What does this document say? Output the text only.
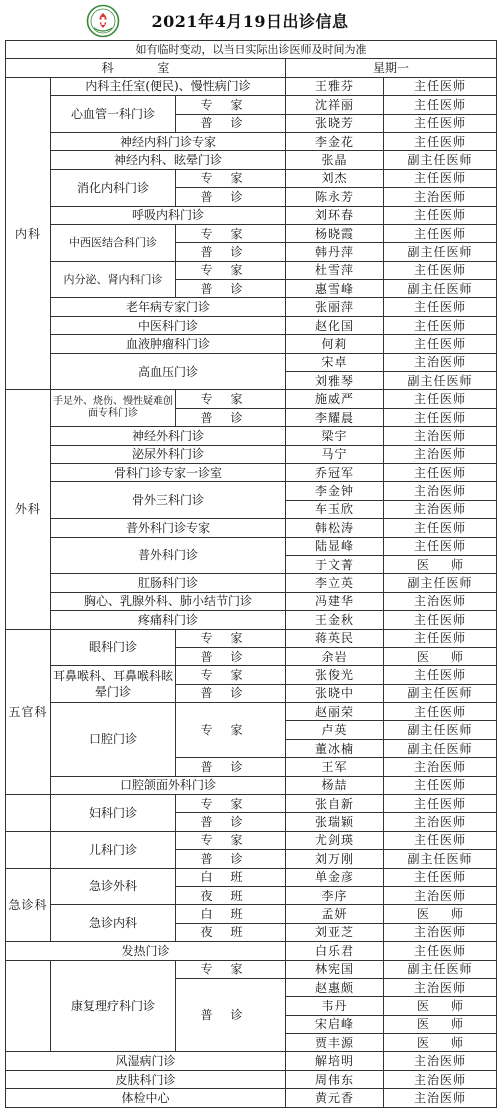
2021年4月19日出诊信息
如有临时变动，以当日实际出诊医师及时间为准				
科 室			星期一	
内科	内科主任室(便民)、慢性病门诊		王雅芬	主任医师
	心血管一科门诊	专家	沈祥丽	主任医师
		普诊	张晓芳	主任医师
	神经内科门诊专家		李金花	主任医师
	神经内科、眩晕门诊		张晶	副主任医师
	消化内科门诊	专家	刘杰	主任医师
		普诊	陈永芳	主治医师
	呼吸内科门诊		刘环春	主任医师
	中西医结合科门诊	专家	杨晓霞	主任医师
		普诊	韩丹萍	副主任医师
	内分泌、肾内科门诊	专家	杜雪萍	主任医师
		普诊	惠雪峰	副主任医师
	老年病专家门诊		张丽萍	主任医师
	中医科门诊		赵化国	主任医师
	血液肿瘤科门诊		何莉	主任医师
	高血压门诊		宋卓	主治医师
			刘雅琴	副主任医师
外科	手足外、烧伤、慢性疑难创面专科门诊	专家	施威严	主任医师
		普诊	李耀晨	主任医师
	神经外科门诊		梁宇	主治医师
	泌尿外科门诊		马宁	主治医师
	骨科门诊专家一诊室		乔冠军	主任医师
	骨外三科门诊		李金钟	主治医师
			车玉欣	主治医师
	普外科门诊专家		韩松涛	主任医师
	普外科门诊		陆显峰	主任医师
			于文菁	医师
	肛肠科门诊		李立英	副主任医师
	胸心、乳腺外科、肺小结节门诊		冯建华	主治医师
	疼痛科门诊		王金秋	主任医师
五官科	眼科门诊	专家	蒋英民	主任医师
		普诊	余岩	医师
	耳鼻喉科、耳鼻喉科眩晕门诊	专家	张俊光	主任医师
		普诊	张晓中	副主任医师
	口腔门诊	专家	赵丽荣	主任医师
			卢英	副主任医师
			董冰楠	副主任医师
		普诊	王军	主治医师
	口腔颌面外科门诊		杨喆	主任医师
	妇科门诊	专家	张自新	主任医师
		普诊	张瑞颖	主治医师
	儿科门诊	专家	尤剑瑛	主任医师
		普诊	刘万刚	副主任医师
急诊科	急诊外科	白班	单金彦	主任医师
		夜班	李序	主治医师
	急诊内科	白班	孟妍	医师
		夜班	刘亚芝	主治医师
发热门诊			白乐君	主任医师
	康复理疗科门诊	专家	林宪国	副主任医师
		普诊	赵惠颇	主治医师
			韦丹	医师
			宋启峰	医师
			贾丰源	医师
风湿病门诊			解培明	主治医师
皮肤科门诊			周伟东	主治医师
体检中心			黄元香	主治医师
